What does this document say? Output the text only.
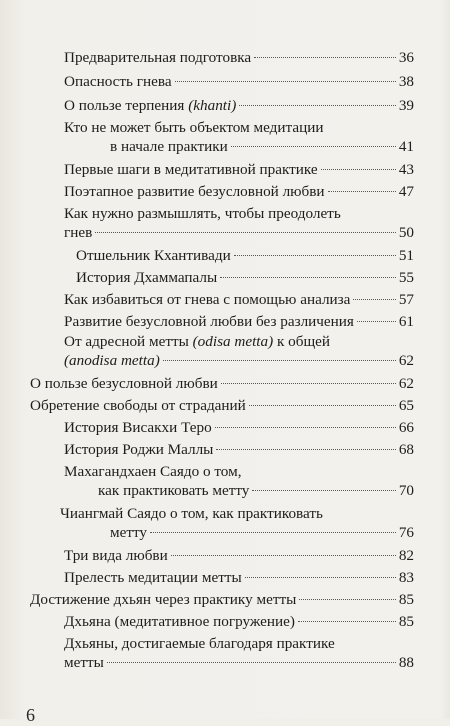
Предварительная подготовка	36
Опасность гнева	38
О пользе терпения (khanti)	39
Кто не может быть объектом медитации
в начале практики	41
Первые шаги в медитативной практике	43
Поэтапное развитие безусловной любви	47
Как нужно размышлять, чтобы преодолеть
гнев	50
Отшельник Кхантивади	51
История Дхаммапалы	55
Как избавиться от гнева с помощью анализа	57
Развитие безусловной любви без различения	61
От адресной метты (odisa metta) к общей
(anodisa metta)	62
О пользе безусловной любви	62
Обретение свободы от страданий	65
История Висакхи Теро	66
История Роджи Маллы	68
Махагандхаен Саядо о том,
как практиковать метту	70
Чиангмай Саядо о том, как практиковать
метту	76
Три вида любви	82
Прелесть медитации метты	83
Достижение дхьян через практику метты	85
Дхьяна (медитативное погружение)	85
Дхьяны, достигаемые благодаря практике
метты	88
6
